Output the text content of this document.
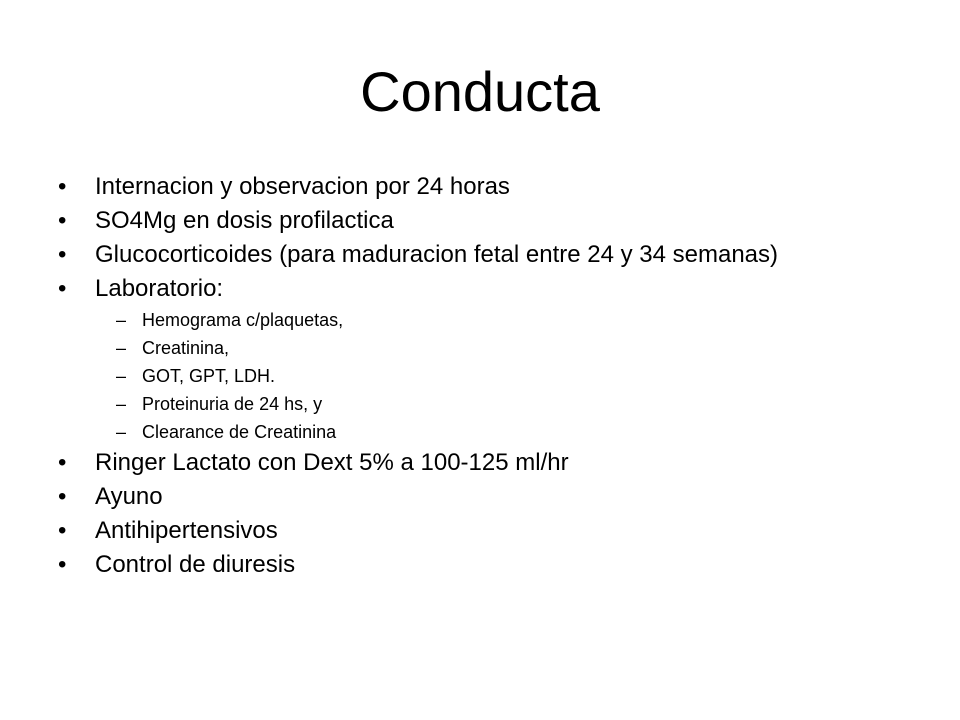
Conducta
• Internacion y observacion por 24 horas
• SO4Mg en dosis profilactica
• Glucocorticoides (para maduracion fetal entre 24 y 34 semanas)
• Laboratorio:
– Hemograma c/plaquetas,
– Creatinina,
– GOT, GPT, LDH.
– Proteinuria de 24 hs, y
– Clearance de Creatinina
• Ringer Lactato con Dext 5% a 100-125 ml/hr
• Ayuno
• Antihipertensivos
• Control de diuresis
